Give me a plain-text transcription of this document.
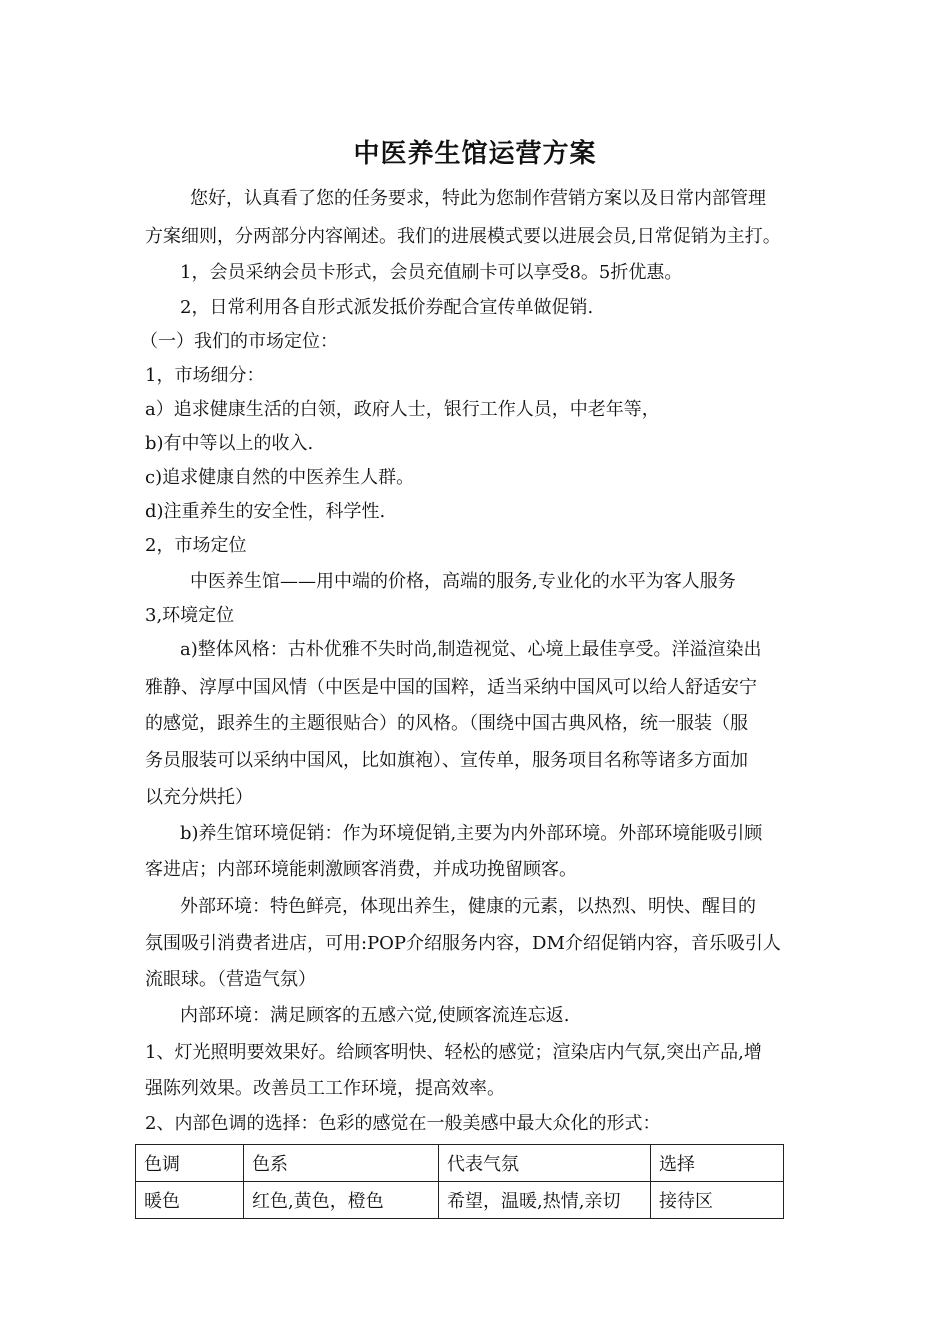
中医养生馆运营方案
您好，认真看了您的任务要求，特此为您制作营销方案以及日常内部管理
方案细则，分两部分内容阐述。我们的进展模式要以进展会员,日常促销为主打。
1，会员采纳会员卡形式，会员充值刷卡可以享受8。5折优惠。
2，日常利用各自形式派发抵价券配合宣传单做促销.
（一）我们的市场定位：
1，市场细分：
a）追求健康生活的白领，政府人士，银行工作人员，中老年等，
b)有中等以上的收入.
c)追求健康自然的中医养生人群。
d)注重养生的安全性，科学性.
2，市场定位
中医养生馆——用中端的价格，高端的服务,专业化的水平为客人服务
3,环境定位
a)整体风格：古朴优雅不失时尚,制造视觉、心境上最佳享受。洋溢渲染出
雅静、淳厚中国风情（中医是中国的国粹，适当采纳中国风可以给人舒适安宁
的感觉，跟养生的主题很贴合）的风格。（围绕中国古典风格，统一服装（服
务员服装可以采纳中国风，比如旗袍）、宣传单，服务项目名称等诸多方面加
以充分烘托）
b)养生馆环境促销：作为环境促销,主要为内外部环境。外部环境能吸引顾
客进店；内部环境能刺激顾客消费，并成功挽留顾客。
外部环境：特色鲜亮，体现出养生，健康的元素，以热烈、明快、醒目的
氛围吸引消费者进店，可用:POP介绍服务内容，DM介绍促销内容，音乐吸引人
流眼球。（营造气氛）
内部环境：满足顾客的五感六觉,使顾客流连忘返.
1、灯光照明要效果好。给顾客明快、轻松的感觉；渲染店内气氛,突出产品,增
强陈列效果。改善员工工作环境，提高效率。
2、内部色调的选择：色彩的感觉在一般美感中最大众化的形式：
色调	色系	代表气氛	选择
暖色	红色,黄色，橙色	希望，温暖,热情,亲切	接待区
